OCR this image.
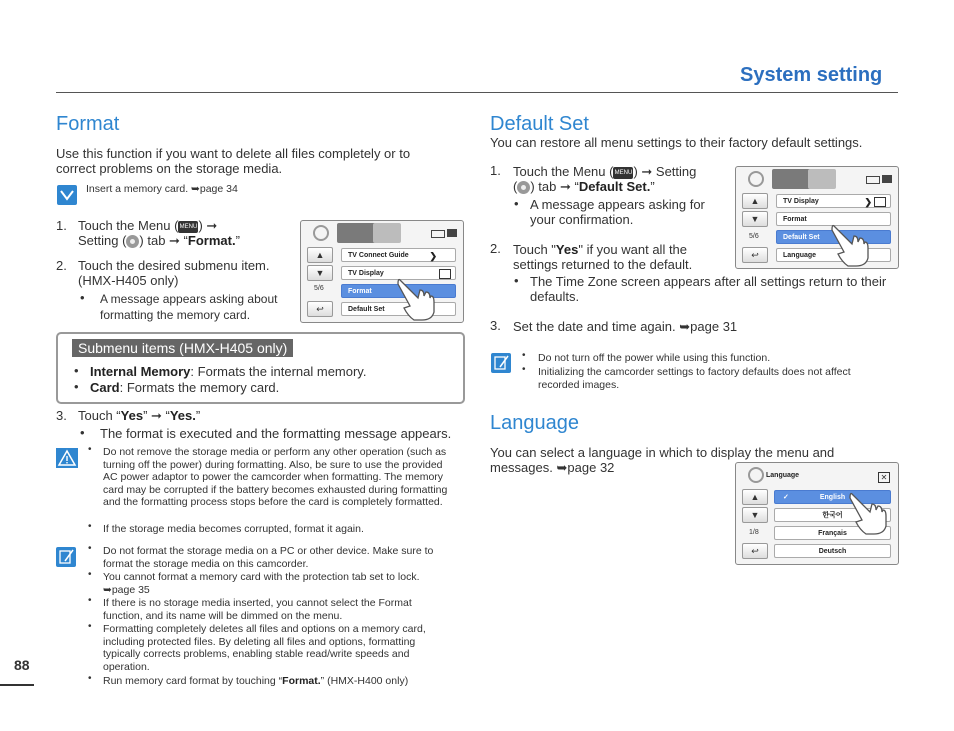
System setting
Format
Use this function if you want to delete all files completely or to correct problems on the storage media.
Insert a memory card. ➥ page 34
1. Touch the Menu (MENU) ➞
Setting ( ) tab ➞ “Format.”
2. Touch the desired submenu item. (HMX-H405 only)
• A message appears asking about formatting the memory card.
▲
▼
5/6
↩
TV Connect Guide ❯
TV Display
Format
Default Set
Submenu items (HMX-H405 only)
• Internal Memory: Formats the internal memory.
• Card: Formats the memory card.
3. Touch “Yes” ➞ “Yes.”
• The format is executed and the formatting message appears.
• Do not remove the storage media or perform any other operation (such as turning off the power) during formatting. Also, be sure to use the provided AC power adaptor to power the camcorder when formatting. The memory card may be corrupted if the battery becomes exhausted during formatting and the formatting process stops before the card is completely formatted.
• If the storage media becomes corrupted, format it again.
• Do not format the storage media on a PC or other device. Make sure to format the storage media on this camcorder.
• You cannot format a memory card with the protection tab set to lock. ➥ page 35
• If there is no storage media inserted, you cannot select the Format function, and its name will be dimmed on the menu.
• Formatting completely deletes all files and options on a memory card, including protected files. By deleting all files and options, formatting typically corrects problems, enabling stable read/write speeds and operation.
• Run memory card format by touching “Format.” (HMX-H400 only)
88
Default Set
You can restore all menu settings to their factory default settings.
1. Touch the Menu (MENU) ➞ Setting
( ) tab ➞ “Default Set.”
• A message appears asking for your confirmation.
2. Touch "Yes" if you want all the settings returned to the default.
• The Time Zone screen appears after all settings return to their defaults.
3. Set the date and time again. ➥ page 31
▲
▼
5/6
↩
TV Display	❯
Format
Default Set
Language
• Do not turn off the power while using this function.
• Initializing the camcorder settings to factory defaults does not affect recorded images.
Language
You can select a language in which to display the menu and messages. ➥ page 32
Language	✕
▲
▼
1/8
↩
✓	English
한국어
Français
Deutsch
